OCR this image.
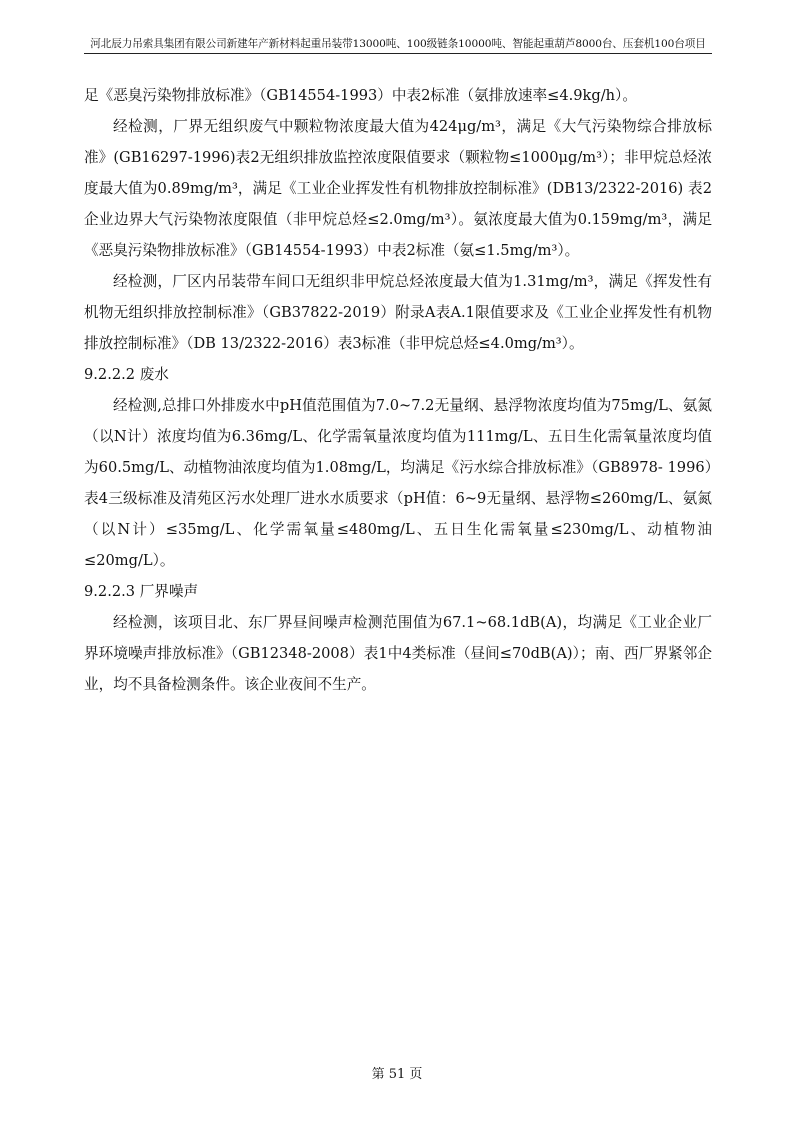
河北辰力吊索具集团有限公司新建年产新材料起重吊装带13000吨、100级链条10000吨、智能起重葫芦8000台、压套机100台项目

足《恶臭污染物排放标准》（GB14554-1993）中表2标准（氨排放速率≤4.9kg/h）。

经检测，厂界无组织废气中颗粒物浓度最大值为424μg/m³，满足《大气污染物综合排放标准》(GB16297-1996)表2无组织排放监控浓度限值要求（颗粒物≤1000μg/m³）；非甲烷总烃浓度最大值为0.89mg/m³，满足《工业企业挥发性有机物排放控制标准》(DB13/2322-2016) 表2企业边界大气污染物浓度限值（非甲烷总烃≤2.0mg/m³）。氨浓度最大值为0.159mg/m³，满足《恶臭污染物排放标准》（GB14554-1993）中表2标准（氨≤1.5mg/m³）。

经检测，厂区内吊装带车间口无组织非甲烷总烃浓度最大值为1.31mg/m³，满足《挥发性有机物无组织排放控制标准》（GB37822-2019）附录A表A.1限值要求及《工业企业挥发性有机物排放控制标准》（DB 13/2322-2016）表3标准（非甲烷总烃≤4.0mg/m³）。

9.2.2.2 废水

经检测,总排口外排废水中pH值范围值为7.0~7.2无量纲、悬浮物浓度均值为75mg/L、氨氮（以N计）浓度均值为6.36mg/L、化学需氧量浓度均值为111mg/L、五日生化需氧量浓度均值为60.5mg/L、动植物油浓度均值为1.08mg/L，均满足《污水综合排放标准》（GB8978- 1996）表4三级标准及清苑区污水处理厂进水水质要求（pH值：6~9无量纲、悬浮物≤260mg/L、氨氮（以N计）≤35mg/L、化学需氧量≤480mg/L、五日生化需氧量≤230mg/L、动植物油≤20mg/L）。

9.2.2.3 厂界噪声

经检测，该项目北、东厂界昼间噪声检测范围值为67.1~68.1dB(A)，均满足《工业企业厂界环境噪声排放标准》（GB12348-2008）表1中4类标准（昼间≤70dB(A)）；南、西厂界紧邻企业，均不具备检测条件。该企业夜间不生产。

第 51 页
